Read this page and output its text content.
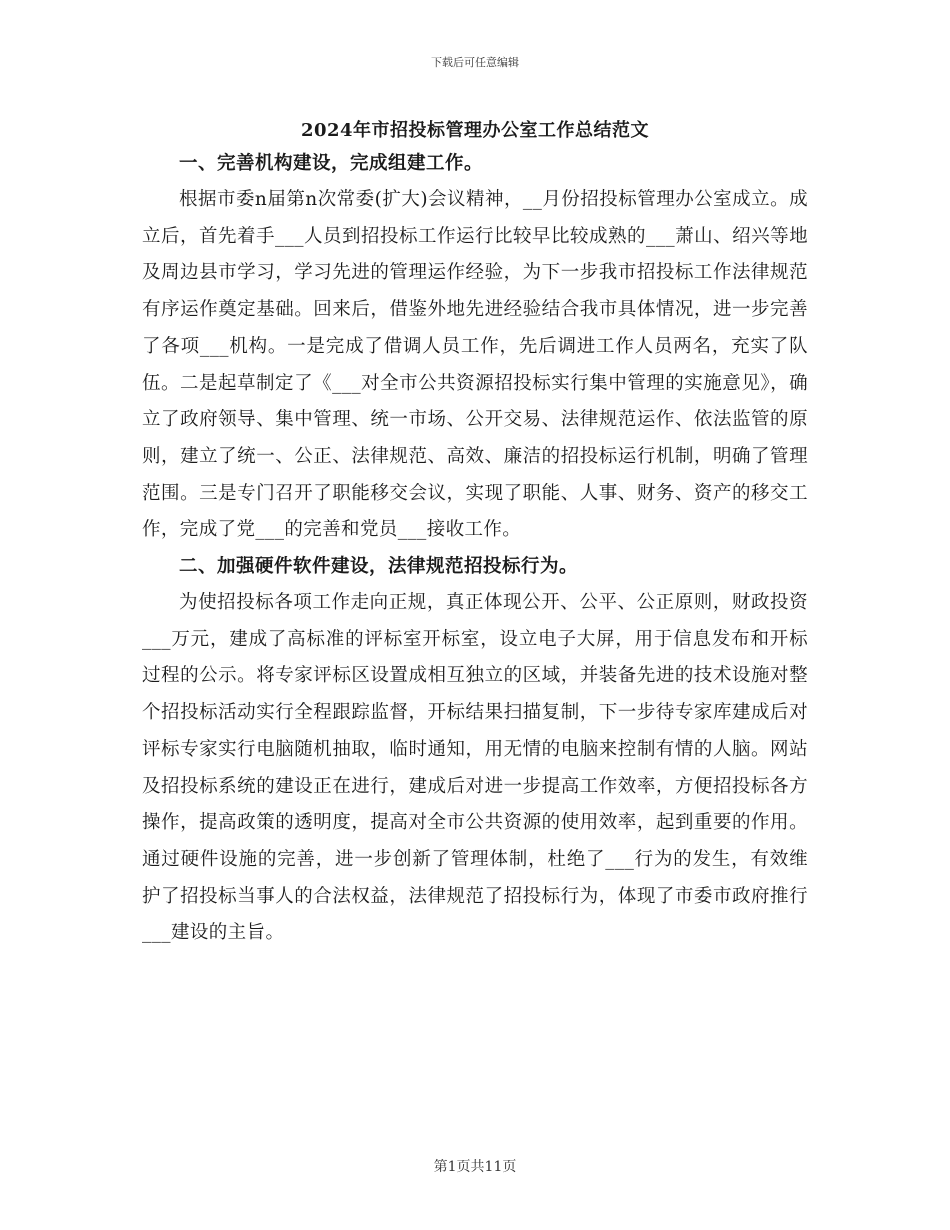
下载后可任意编辑
2024年市招投标管理办公室工作总结范文
一、完善机构建设，完成组建工作。

根据市委n届第n次常委(扩大)会议精神，__月份招投标管理办公室成立。成立后，首先着手___人员到招投标工作运行比较早比较成熟的___萧山、绍兴等地及周边县市学习，学习先进的管理运作经验，为下一步我市招投标工作法律规范有序运作奠定基础。回来后，借鉴外地先进经验结合我市具体情况，进一步完善了各项___机构。一是完成了借调人员工作，先后调进工作人员两名，充实了队伍。二是起草制定了《___对全市公共资源招投标实行集中管理的实施意见》，确立了政府领导、集中管理、统一市场、公开交易、法律规范运作、依法监管的原则，建立了统一、公正、法律规范、高效、廉洁的招投标运行机制，明确了管理范围。三是专门召开了职能移交会议，实现了职能、人事、财务、资产的移交工作，完成了党___的完善和党员___接收工作。

二、加强硬件软件建设，法律规范招投标行为。

为使招投标各项工作走向正规，真正体现公开、公平、公正原则，财政投资___万元，建成了高标准的评标室开标室，设立电子大屏，用于信息发布和开标过程的公示。将专家评标区设置成相互独立的区域，并装备先进的技术设施对整个招投标活动实行全程跟踪监督，开标结果扫描复制，下一步待专家库建成后对评标专家实行电脑随机抽取，临时通知，用无情的电脑来控制有情的人脑。网站及招投标系统的建设正在进行，建成后对进一步提高工作效率，方便招投标各方操作，提高政策的透明度，提高对全市公共资源的使用效率，起到重要的作用。通过硬件设施的完善，进一步创新了管理体制，杜绝了___行为的发生，有效维护了招投标当事人的合法权益，法律规范了招投标行为，体现了市委市政府推行___建设的主旨。

第1页共11页
